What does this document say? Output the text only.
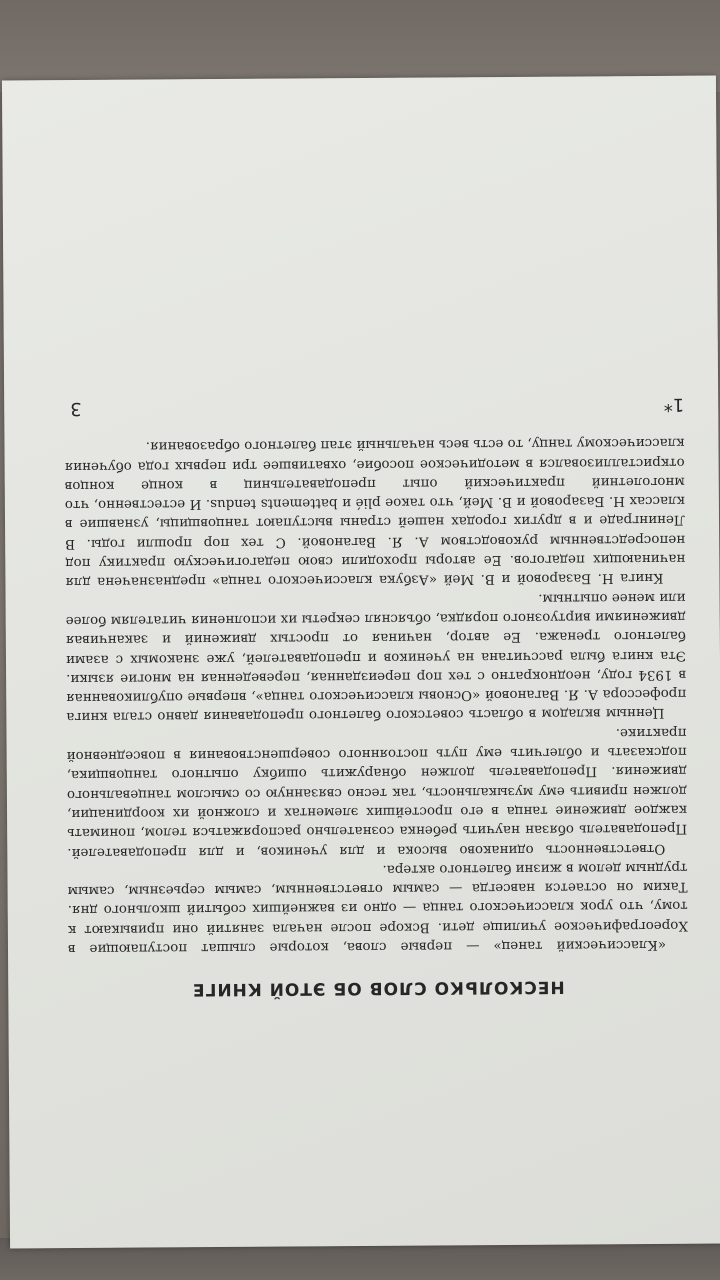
НЕСКОЛЬКО СЛОВ ОБ ЭТОЙ КНИГЕ

«Классический танец» — первые слова, которые слышат поступающие в Хореографическое училище дети. Вскоре после начала занятий они привыкают к тому, что урок классического танца — одно из важнейших событий школьного дня. Таким он остается навсегда — самым ответственным, самым серьезным, самым трудным делом в жизни балетного актера.

Ответственность одинаково высока и для учеников, и для преподавателей. Преподаватель обязан научить ребенка сознательно распоряжаться телом, понимать каждое движение танца в его простейших элементах и сложной их координации, должен привить ему музыкальность, так тесно связанную со смыслом танцевального движения. Преподаватель должен обнаружить ошибку опытного танцовщика, подсказать и облегчить ему путь постоянного совершенствования в повседневной практике.

Ценным вкладом в область советского балетного преподавания давно стала книга профессора А. Я. Вагановой «Основы классического танца», впервые опубликованная в 1934 году, неоднократно с тех пор переизданная, переведенная на многие языки. Эта книга была рассчитана на учеников и преподавателей, уже знакомых с азами балетного тренажа. Ее автор, начиная от простых движений и заканчивая движениями виртуозного порядка, объяснял секреты их исполнения читателям более или менее опытным.

Книга Н. Базаровой и В. Мей «Азбука классического танца» предназначена для начинающих педагогов. Ее авторы проходили свою педагогическую практику под непосредственным руководством А. Я. Вагановой. С тех пор прошли годы. В Ленинграде и в других городах нашей страны выступают танцовщицы, узнавшие в классах Н. Базаровой и В. Мей, что такое plié и battements tendus. И естественно, что многолетний практический опыт преподавательниц в конце концов откристаллизовался в методическое пособие, охватившее три первых года обучения классическому танцу, то есть весь начальный этап балетного образования.

1*
3
